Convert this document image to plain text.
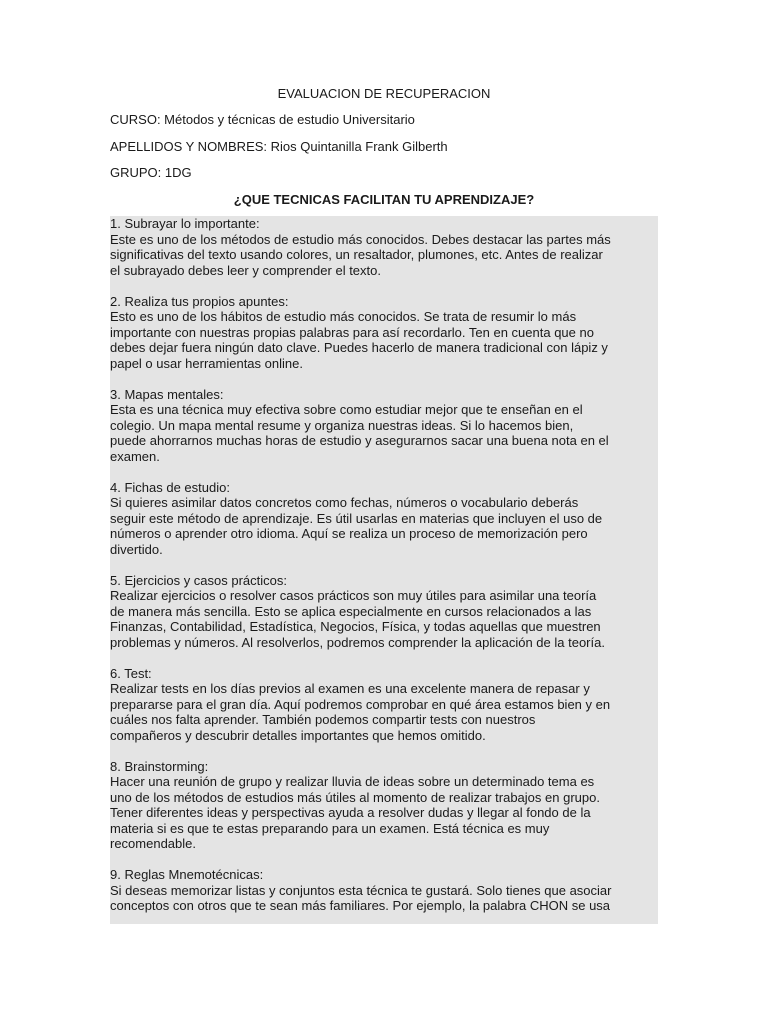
EVALUACION DE RECUPERACION
CURSO: Métodos y técnicas de estudio Universitario
APELLIDOS Y NOMBRES: Rios Quintanilla Frank Gilberth
GRUPO: 1DG
¿QUE TECNICAS FACILITAN TU APRENDIZAJE?
1. Subrayar lo importante:
Este es uno de los métodos de estudio más conocidos. Debes destacar las partes más
significativas del texto usando colores, un resaltador, plumones, etc. Antes de realizar
el subrayado debes leer y comprender el texto.
2. Realiza tus propios apuntes:
Esto es uno de los hábitos de estudio más conocidos. Se trata de resumir lo más
importante con nuestras propias palabras para así recordarlo. Ten en cuenta que no
debes dejar fuera ningún dato clave. Puedes hacerlo de manera tradicional con lápiz y
papel o usar herramientas online.
3. Mapas mentales:
Esta es una técnica muy efectiva sobre como estudiar mejor que te enseñan en el
colegio. Un mapa mental resume y organiza nuestras ideas. Si lo hacemos bien,
puede ahorrarnos muchas horas de estudio y asegurarnos sacar una buena nota en el
examen.
4. Fichas de estudio:
Si quieres asimilar datos concretos como fechas, números o vocabulario deberás
seguir este método de aprendizaje. Es útil usarlas en materias que incluyen el uso de
números o aprender otro idioma. Aquí se realiza un proceso de memorización pero
divertido.
5. Ejercicios y casos prácticos:
Realizar ejercicios o resolver casos prácticos son muy útiles para asimilar una teoría
de manera más sencilla. Esto se aplica especialmente en cursos relacionados a las
Finanzas, Contabilidad, Estadística, Negocios, Física, y todas aquellas que muestren
problemas y números. Al resolverlos, podremos comprender la aplicación de la teoría.
6. Test:
Realizar tests en los días previos al examen es una excelente manera de repasar y
prepararse para el gran día. Aquí podremos comprobar en qué área estamos bien y en
cuáles nos falta aprender. También podemos compartir tests con nuestros
compañeros y descubrir detalles importantes que hemos omitido.
8. Brainstorming:
Hacer una reunión de grupo y realizar lluvia de ideas sobre un determinado tema es
uno de los métodos de estudios más útiles al momento de realizar trabajos en grupo.
Tener diferentes ideas y perspectivas ayuda a resolver dudas y llegar al fondo de la
materia si es que te estas preparando para un examen. Está técnica es muy
recomendable.
9. Reglas Mnemotécnicas:
Si deseas memorizar listas y conjuntos esta técnica te gustará. Solo tienes que asociar
conceptos con otros que te sean más familiares. Por ejemplo, la palabra CHON se usa
